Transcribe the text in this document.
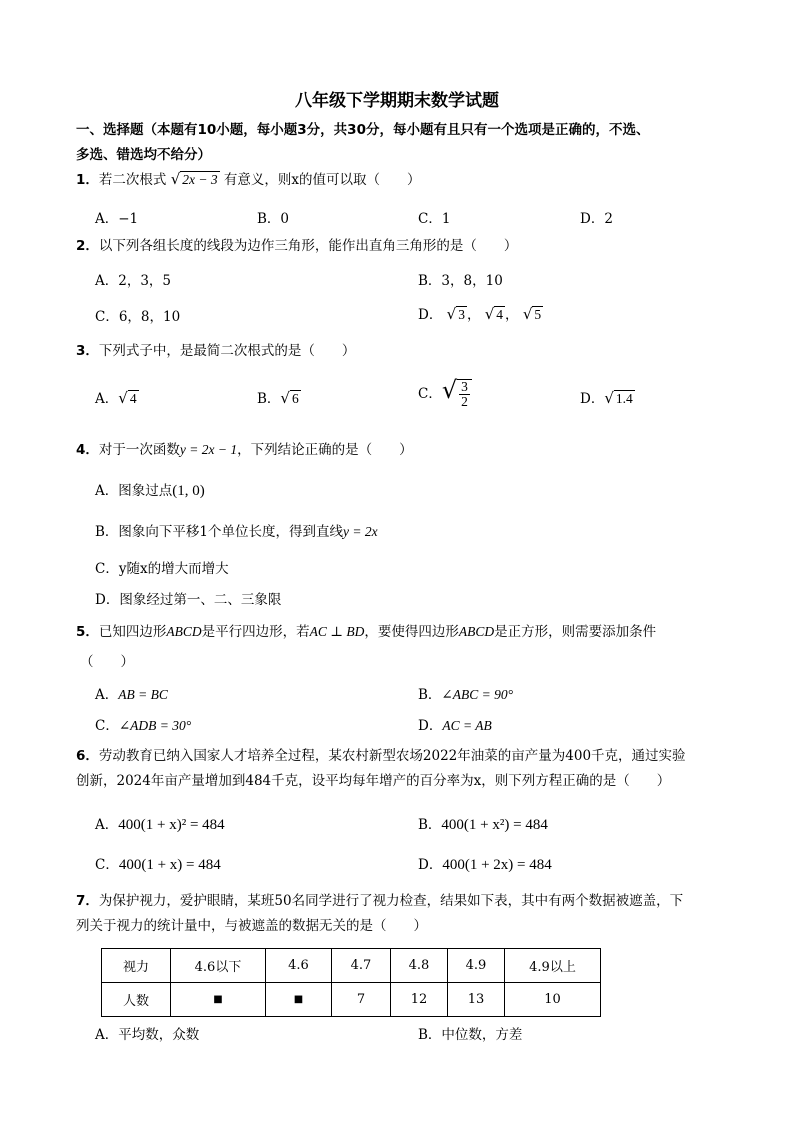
八年级下学期期末数学试题
一、选择题（本题有10小题，每小题3分，共30分，每小题有且只有一个选项是正确的，不选、
多选、错选均不给分）
1．若二次根式 √ 2x − 3 有意义，则x的值可以取（　　）
A．−1	B．0	C．1	D．2
2．以下列各组长度的线段为边作三角形，能作出直角三角形的是（　　）
A．2，3，5	B．3，8，10
C．6，8，10	D． √ 3 ， √ 4 ， √ 5
3．下列式子中，是最简二次根式的是（　　）
A．√ 4	B．√ 6	C．√ $\frac{3}{2}$	D．√ 1.4
4．对于一次函数y = 2x − 1，下列结论正确的是（　　）
A．图象过点(1, 0)
B．图象向下平移1个单位长度，得到直线y = 2x
C．y随x的增大而增大
D．图象经过第一、二、三象限
5．已知四边形ABCD是平行四边形，若AC ⊥ BD，要使得四边形ABCD是正方形，则需要添加条件
（　　）
A．AB = BC	B．∠ABC = 90°
C．∠ADB = 30°	D．AC = AB
6．劳动教育已纳入国家人才培养全过程，某农村新型农场2022年油菜的亩产量为400千克，通过实验
创新，2024年亩产量增加到484千克，设平均每年增产的百分率为x，则下列方程正确的是（　　）
A．400(1 + x)² = 484	B．400(1 + x²) = 484
C．400(1 + x) = 484	D．400(1 + 2x) = 484
7．为保护视力，爱护眼睛，某班50名同学进行了视力检查，结果如下表，其中有两个数据被遮盖，下
列关于视力的统计量中，与被遮盖的数据无关的是（　　）
视力	4.6以下	4.6	4.7	4.8	4.9	4.9以上
人数	■	■	7	12	13	10
A．平均数，众数	B．中位数，方差
